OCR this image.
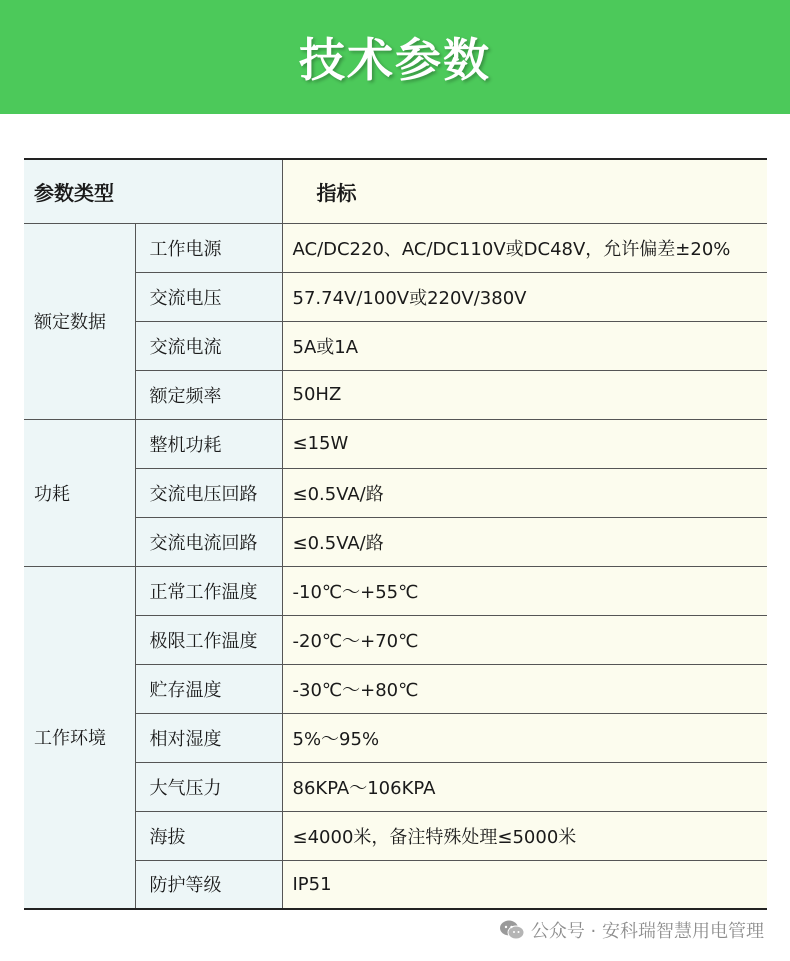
技术参数
参数类型		指标
额定数据	工作电源	AC/DC220、AC/DC110V或DC48V，允许偏差±20%
	交流电压	57.74V/100V或220V/380V
	交流电流	5A或1A
	额定频率	50HZ
功耗	整机功耗	≤15W
	交流电压回路	≤0.5VA/路
	交流电流回路	≤0.5VA/路
工作环境	正常工作温度	-10℃～+55℃
	极限工作温度	-20℃～+70℃
	贮存温度	-30℃～+80℃
	相对湿度	5%～95%
	大气压力	86KPA～106KPA
	海拔	≤4000米，备注特殊处理≤5000米
	防护等级	IP51
公众号 · 安科瑞智慧用电管理
